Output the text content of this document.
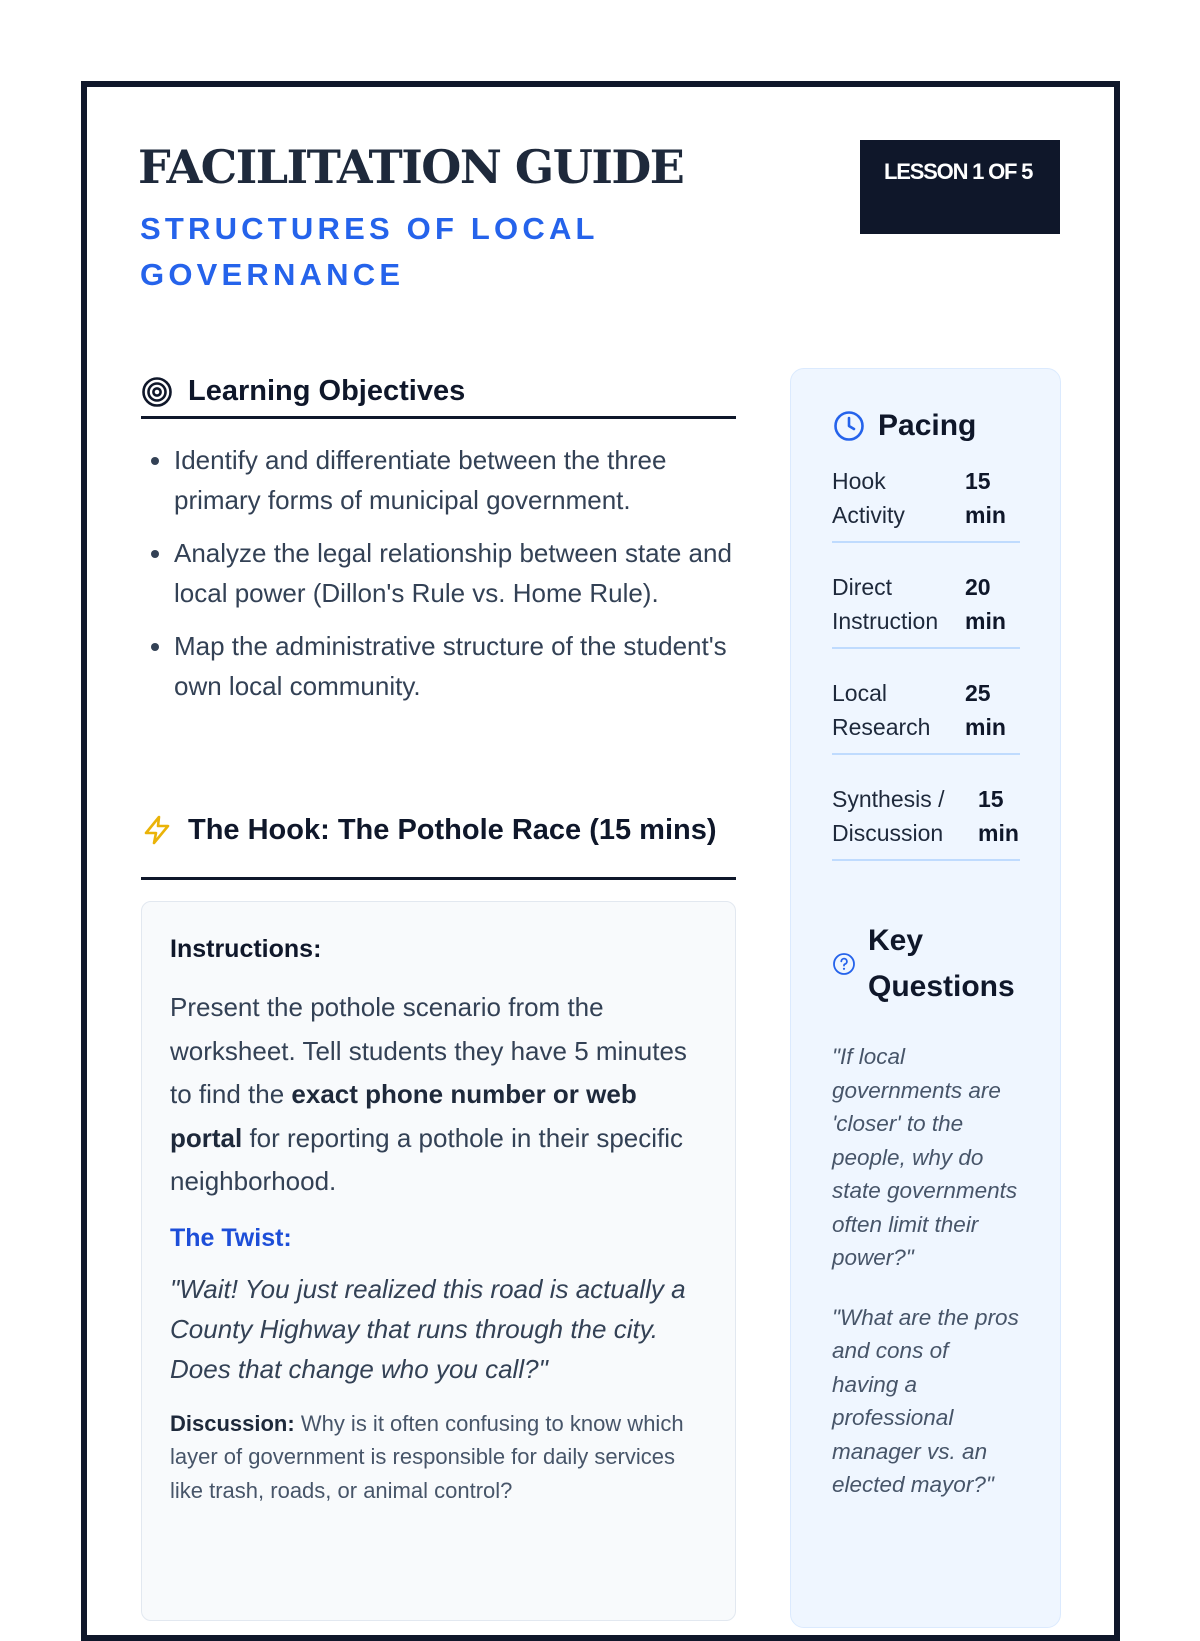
FACILITATION GUIDE
STRUCTURES OF LOCAL GOVERNANCE
LESSON 1 OF 5
Learning Objectives
• Identify and differentiate between the three primary forms of municipal government.
• Analyze the legal relationship between state and local power (Dillon's Rule vs. Home Rule).
• Map the administrative structure of the student's own local community.
The Hook: The Pothole Race (15 mins)
Instructions:

Present the pothole scenario from the worksheet. Tell students they have 5 minutes to find the exact phone number or web portal for reporting a pothole in their specific neighborhood.

The Twist:

"Wait! You just realized this road is actually a County Highway that runs through the city. Does that change who you call?"

Discussion: Why is it often confusing to know which layer of government is responsible for daily services like trash, roads, or animal control?

Pacing
Hook Activity
15 min
Direct Instruction
20 min
Local Research
25 min
Synthesis / Discussion
15 min
Key Questions

"If local governments are 'closer' to the people, why do state governments often limit their power?"

"What are the pros and cons of having a professional manager vs. an elected mayor?"
